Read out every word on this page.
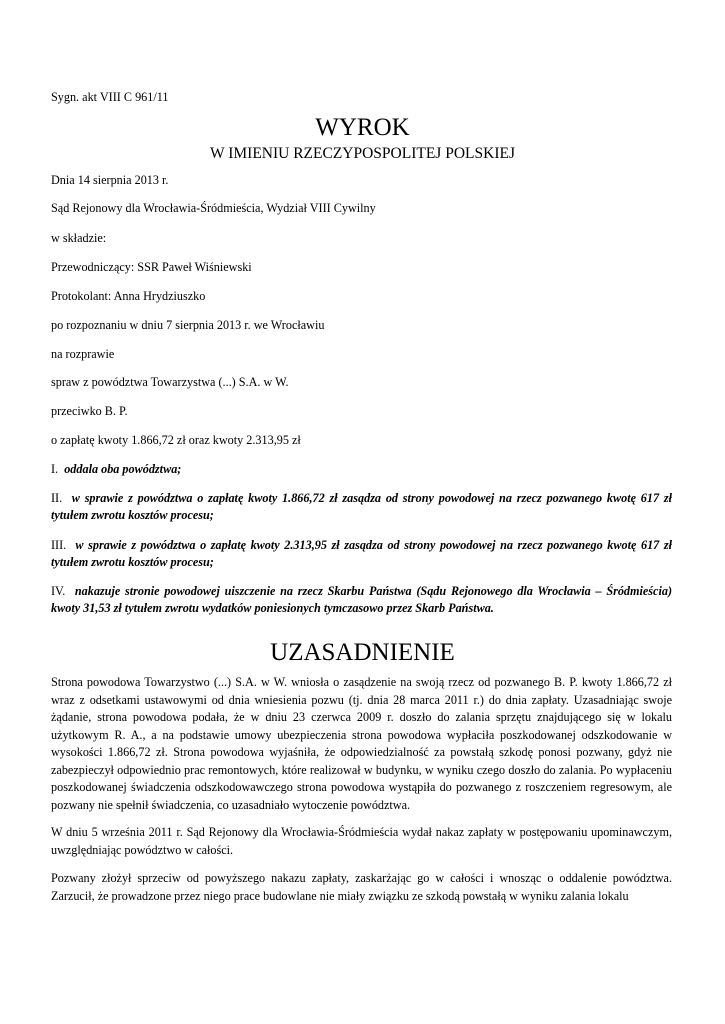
Sygn. akt VIII C 961/11
WYROK
W IMIENIU RZECZYPOSPOLITEJ POLSKIEJ
Dnia 14 sierpnia 2013 r.
Sąd Rejonowy dla Wrocławia-Śródmieścia, Wydział VIII Cywilny
w składzie:
Przewodniczący: SSR Paweł Wiśniewski
Protokolant: Anna Hrydziuszko
po rozpoznaniu w dniu 7 sierpnia 2013 r. we Wrocławiu
na rozprawie
spraw z powództwa Towarzystwa (...) S.A. w W.
przeciwko B. P.
o zapłatę kwoty 1.866,72 zł oraz kwoty 2.313,95 zł
I. oddala oba powództwa;
II. w sprawie z powództwa o zapłatę kwoty 1.866,72 zł zasądza od strony powodowej na rzecz pozwanego kwotę 617 zł tytułem zwrotu kosztów procesu;
III. w sprawie z powództwa o zapłatę kwoty 2.313,95 zł zasądza od strony powodowej na rzecz pozwanego kwotę 617 zł tytułem zwrotu kosztów procesu;
IV. nakazuje stronie powodowej uiszczenie na rzecz Skarbu Państwa (Sądu Rejonowego dla Wrocławia – Śródmieścia) kwoty 31,53 zł tytułem zwrotu wydatków poniesionych tymczasowo przez Skarb Państwa.
UZASADNIENIE
Strona powodowa Towarzystwo (...) S.A. w W. wniosła o zasądzenie na swoją rzecz od pozwanego B. P. kwoty 1.866,72 zł wraz z odsetkami ustawowymi od dnia wniesienia pozwu (tj. dnia 28 marca 2011 r.) do dnia zapłaty. Uzasadniając swoje żądanie, strona powodowa podała, że w dniu 23 czerwca 2009 r. doszło do zalania sprzętu znajdującego się w lokalu użytkowym R. A., a na podstawie umowy ubezpieczenia strona powodowa wypłaciła poszkodowanej odszkodowanie w wysokości 1.866,72 zł. Strona powodowa wyjaśniła, że odpowiedzialność za powstałą szkodę ponosi pozwany, gdyż nie zabezpieczył odpowiednio prac remontowych, które realizował w budynku, w wyniku czego doszło do zalania. Po wypłaceniu poszkodowanej świadczenia odszkodowawczego strona powodowa wystąpiła do pozwanego z roszczeniem regresowym, ale pozwany nie spełnił świadczenia, co uzasadniało wytoczenie powództwa.
W dniu 5 września 2011 r. Sąd Rejonowy dla Wrocławia-Śródmieścia wydał nakaz zapłaty w postępowaniu upominawczym, uwzględniając powództwo w całości.
Pozwany złożył sprzeciw od powyższego nakazu zapłaty, zaskarżając go w całości i wnosząc o oddalenie powództwa. Zarzucił, że prowadzone przez niego prace budowlane nie miały związku ze szkodą powstałą w wyniku zalania lokalu
